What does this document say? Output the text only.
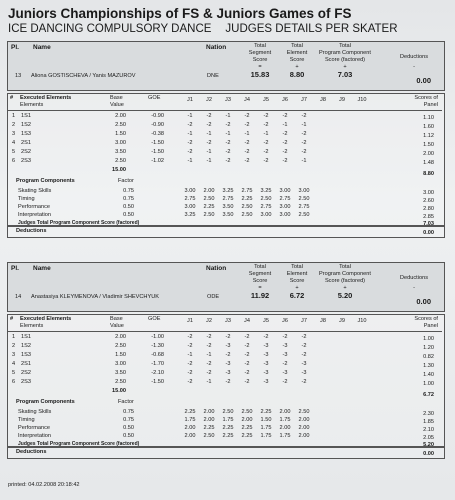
Juniors Championships of FS & Juniors Games of FS
ICE DANCING COMPULSORY DANCE JUDGES DETAILS PER SKATER
Pl. Name	Nation	Total
Segment
Score
Total
Element
Score
Total
Program Component
Score (factored)	Deductions
=	+	+	-
13 Aliona GOSTISCHEVA / Yanis MAZUROV	DNE	15.83	8.80	7.03
0.00
# Executed Elements
Elements
Base
Value
GOE	J1	J2	J3	J4	J5	J6	J7	J8	J9	J10	Scores of
Panel
1 1S1	2.00	-0.90	-1	-2	-1	-2	-2	-2	-2	1.10
2 1S2	2.50	-0.90	-2	-2	-2	-2	-2	-1	-1	1.60
3 1S3	1.50	-0.38	-1	-1	-1	-1	-1	-2	-2	1.12
4 2S1	3.00	-1.50	-2	-2	-2	-2	-2	-2	-2	1.50
5 2S2	3.50	-1.50	-2	-1	-2	-2	-2	-2	-2	2.00
6 2S3	2.50	-1.02	-1	-1	-2	-2	-2	-2	-1	1.48
15.00
8.80
Program Components	Factor
Skating Skills	0.75	3.00	2.00	3.25	2.75	3.25	3.00	3.00	3.00
Timing	0.75	2.75	2.50	2.75	2.25	2.50	2.75	2.50	2.60
Performance	0.50	3.00	2.25	3.50	2.50	2.75	3.00	2.75	2.80
Interpretation	0.50	3.25	2.50	3.50	2.50	3.00	3.00	2.50	2.85
Judges Total Program Component Score (factored)	7.03
Deductions	0.00
Pl. Name	Nation	Total
Segment
Score
Total
Element
Score
Total
Program Component
Score (factored)	Deductions
=	+	+	-
14 Anastasiya KLEYMENOVA / Vladimir SHEVCHYUK	ODE	11.92	6.72	5.20
0.00
# Executed Elements
Elements
Base
Value
GOE	J1	J2	J3	J4	J5	J6	J7	J8	J9	J10	Scores of
Panel
1 1S1	2.00	-1.00	-2	-2	-2	-2	-2	-2	-2	1.00
2 1S2	2.50	-1.30	-2	-2	-3	-2	-3	-3	-2	1.20
3 1S3	1.50	-0.68	-1	-1	-2	-2	-3	-3	-2	0.82
4 2S1	3.00	-1.70	-2	-2	-3	-2	-3	-2	-3	1.30
5 2S2	3.50	-2.10	-2	-2	-3	-2	-3	-3	-3	1.40
6 2S3	2.50	-1.50	-2	-1	-2	-2	-3	-2	-2	1.00
15.00
6.72
Program Components	Factor
Skating Skills	0.75	2.25	2.00	2.50	2.50	2.25	2.00	2.50	2.30
Timing	0.75	1.75	2.00	1.75	2.00	1.50	1.75	2.00	1.85
Performance	0.50	2.00	2.25	2.25	2.25	1.75	2.00	2.00	2.10
Interpretation	0.50	2.00	2.50	2.25	2.25	1.75	1.75	2.00	2.05
Judges Total Program Component Score (factored)	5.20
Deductions	0.00
printed: 04.02.2008 20:18:42
